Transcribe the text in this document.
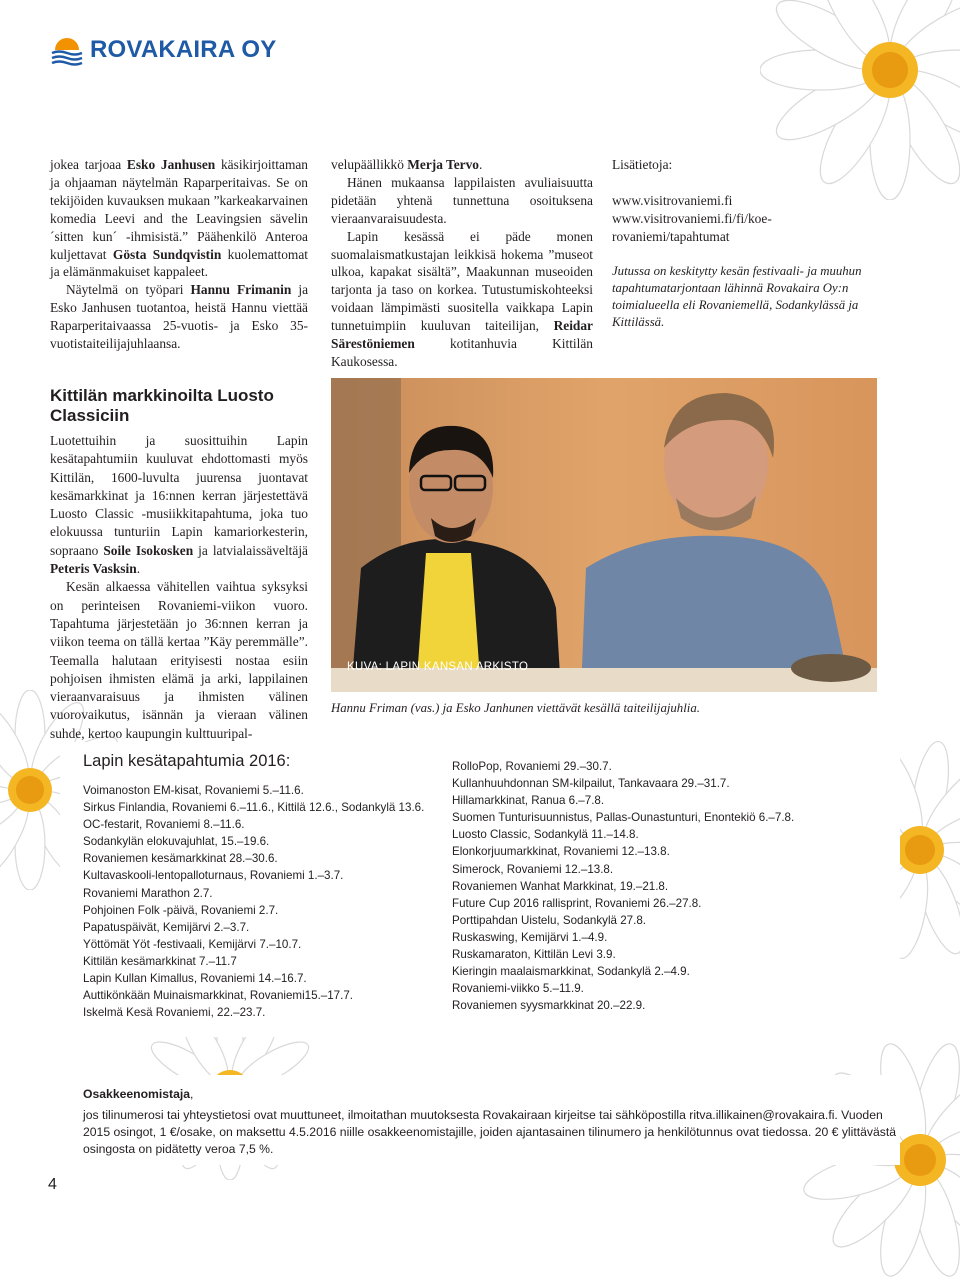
ROVAKAIRA OY

jokea tarjoaa Esko Janhusen käsikirjoittaman ja ohjaaman näytelmän Raparperitaivas. Se on tekijöiden kuvauksen mukaan ”karkeakarvainen komedia Leevi and the Leavingsien sävelin ´sitten kun´ -ihmisistä.” Päähenkilö Anteroa kuljettavat Gösta Sundqvistin kuolemattomat ja elämänmakuiset kappaleet.

Näytelmä on työpari Hannu Frimanin ja Esko Janhusen tuotantoa, heistä Hannu viettää Raparperitaivaassa 25-vuotis- ja Esko 35-vuotistaiteilijajuhlaansa.

velupäällikkö Merja Tervo.

Hänen mukaansa lappilaisten avuliaisuutta pidetään yhtenä tunnettuna osoituksena vieraanvaraisuudesta.

Lapin kesässä ei päde monen suomalaismatkustajan leikkisä hokema ”museot ulkoa, kapakat sisältä”, Maakunnan museoiden tarjonta ja taso on korkea. Tutustumiskohteeksi voidaan lämpimästi suositella vaikkapa Lapin tunnetuimpiin kuuluvan taiteilijan, Reidar Särestöniemen kotitanhuvia Kittilän Kaukosessa.

Lisätietoja:

www.visitrovaniemi.fi

www.visitrovaniemi.fi/fi/koe-rovaniemi/tapahtumat

Jutussa on keskitytty kesän festivaali- ja muuhun tapahtumatarjontaan lähinnä Rovakaira Oy:n toimialueella eli Rovaniemellä, Sodankylässä ja Kittilässä.

Kittilän markkinoilta Luosto Classiciin

Luotettuihin ja suosittuihin Lapin kesätapahtumiin kuuluvat ehdottomasti myös Kittilän, 1600-luvulta juurensa juontavat kesämarkkinat ja 16:nnen kerran järjestettävä Luosto Classic -musiikkitapahtuma, joka tuo elokuussa tunturiin Lapin kamariorkesterin, sopraano Soile Isokosken ja latvialaissäveltäjä Peteris Vasksin.

Kesän alkaessa vähitellen vaihtua syksyksi on perinteisen Rovaniemi-viikon vuoro. Tapahtuma järjestetään jo 36:nnen kerran ja viikon teema on tällä kertaa ”Käy peremmälle”. Teemalla halutaan erityisesti nostaa esiin pohjoisen ihmisten elämä ja arki, lappilainen vieraanvaraisuus ja ihmisten välinen vuorovaikutus, isännän ja vieraan välinen suhde, kertoo kaupungin kulttuuripal-

KUVA: LAPIN KANSAN ARKISTO
Hannu Friman (vas.) ja Esko Janhunen viettävät kesällä taiteilijajuhlia.
Lapin kesätapahtumia 2016:
Voimanoston EM-kisat, Rovaniemi 5.–11.6.
Sirkus Finlandia, Rovaniemi 6.–11.6., Kittilä 12.6., Sodankylä 13.6.
OC-festarit, Rovaniemi 8.–11.6.
Sodankylän elokuvajuhlat, 15.–19.6.
Rovaniemen kesämarkkinat 28.–30.6.
Kultavaskooli-lentopalloturnaus, Rovaniemi 1.–3.7.
Rovaniemi Marathon 2.7.
Pohjoinen Folk -päivä, Rovaniemi 2.7.
Papatuspäivät, Kemijärvi 2.–3.7.
Yöttömät Yöt -festivaali, Kemijärvi 7.–10.7.
Kittilän kesämarkkinat 7.–11.7
Lapin Kullan Kimallus, Rovaniemi 14.–16.7.
Auttikönkään Muinaismarkkinat, Rovaniemi15.–17.7.
Iskelmä Kesä Rovaniemi, 22.–23.7.
RolloPop, Rovaniemi 29.–30.7.
Kullanhuuhdonnan SM-kilpailut, Tankavaara 29.–31.7.
Hillamarkkinat, Ranua 6.–7.8.
Suomen Tunturisuunnistus, Pallas-Ounastunturi, Enontekiö 6.–7.8.
Luosto Classic, Sodankylä 11.–14.8.
Elonkorjuumarkkinat, Rovaniemi 12.–13.8.
Simerock, Rovaniemi 12.–13.8.
Rovaniemen Wanhat Markkinat, 19.–21.8.
Future Cup 2016 rallisprint, Rovaniemi 26.–27.8.
Porttipahdan Uistelu, Sodankylä 27.8.
Ruskaswing, Kemijärvi 1.–4.9.
Ruskamaraton, Kittilän Levi 3.9.
Kieringin maalaismarkkinat, Sodankylä 2.–4.9.
Rovaniemi-viikko 5.–11.9.
Rovaniemen syysmarkkinat 20.–22.9.
Osakkeenomistaja,

jos tilinumerosi tai yhteystietosi ovat muuttuneet, ilmoitathan muutoksesta Rovakairaan kirjeitse tai sähköpostilla ritva.illikainen@rovakaira.fi. Vuoden 2015 osingot, 1 €/osake, on maksettu 4.5.2016 niille osakkeenomistajille, joiden ajantasainen tilinumero ja henkilötunnus ovat tiedossa. 20 € ylittävästä osingosta on pidätetty veroa 7,5 %.

4
